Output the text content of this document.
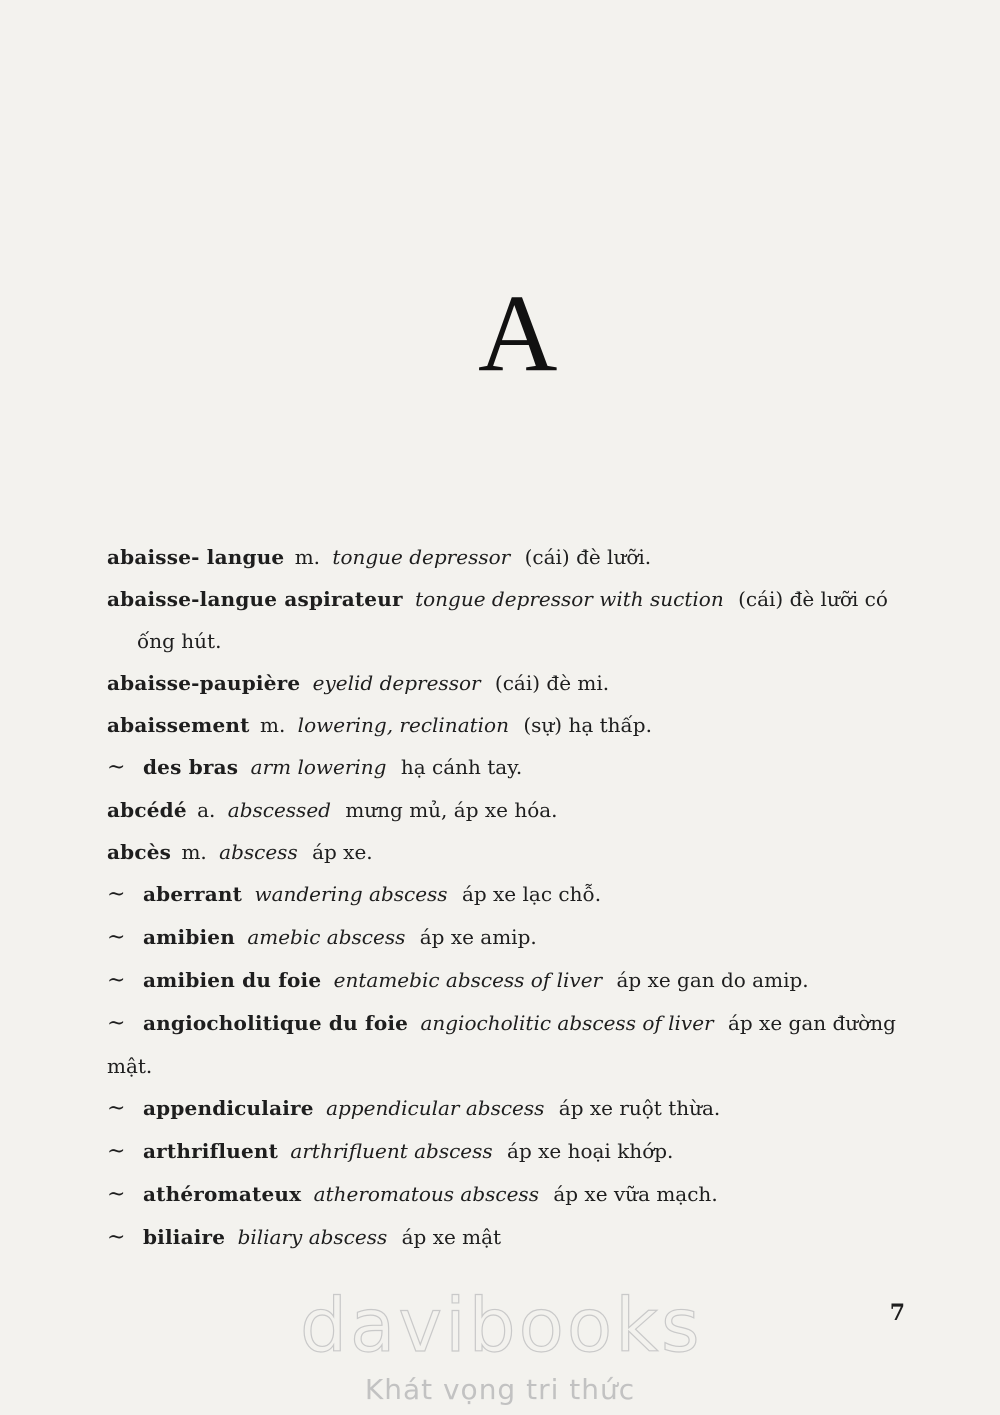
A
abaisse- langue m. tongue depressor (cái) đè lưỡi.
abaisse-langue aspirateur tongue depressor with suction (cái) đè lưỡi có ống hút.
abaisse-paupière eyelid depressor (cái) đè mi.
abaissement m. lowering, reclination (sự) hạ thấp.
~ des bras arm lowering hạ cánh tay.
abcédé a. abscessed mưng mủ, áp xe hóa.
abcès m. abscess áp xe.
~ aberrant wandering abscess áp xe lạc chỗ.
~ amibien amebic abscess áp xe amip.
~ amibien du foie entamebic abscess of liver áp xe gan do amip.
~ angiocholitique du foie angiocholitic abscess of liver áp xe gan đường mật.
~ appendiculaire appendicular abscess áp xe ruột thừa.
~ arthrifluent arthrifluent abscess áp xe hoại khớp.
~ athéromateux atheromatous abscess áp xe vữa mạch.
~ biliaire biliary abscess áp xe mật
7
davibooks
Khát vọng tri thức
